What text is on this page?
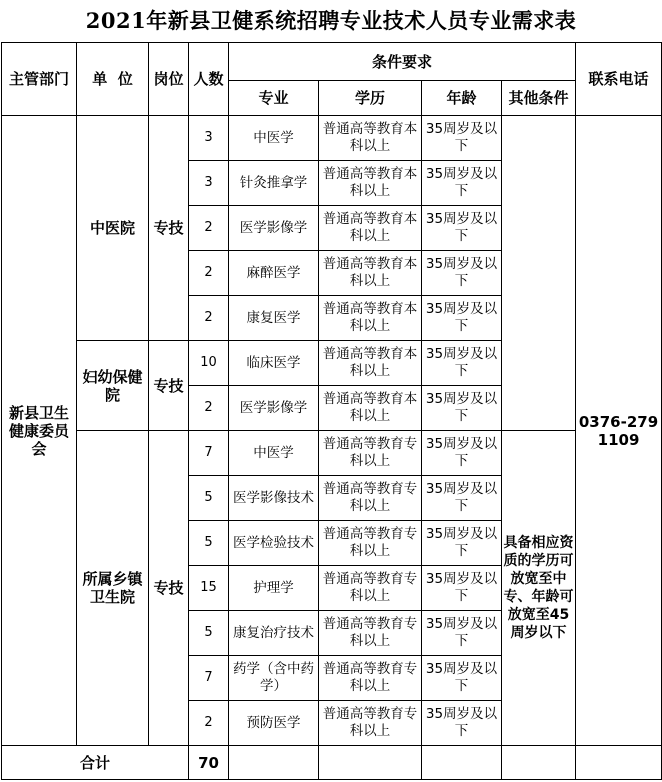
2021年新县卫健系统招聘专业技术人员专业需求表
主管部门	单  位	岗位	人数	条件要求				联系电话
				专业	学历	年龄	其他条件	
新县卫生健康委员会	中医院	专技	3	中医学	普通高等教育本科以上	35周岁及以下		0376-2791109
			3	针灸推拿学	普通高等教育本科以上	35周岁及以下		
			2	医学影像学	普通高等教育本科以上	35周岁及以下		
			2	麻醉医学	普通高等教育本科以上	35周岁及以下		
			2	康复医学	普通高等教育本科以上	35周岁及以下		
	妇幼保健院	专技	10	临床医学	普通高等教育本科以上	35周岁及以下		
			2	医学影像学	普通高等教育本科以上	35周岁及以下		
	所属乡镇卫生院	专技	7	中医学	普通高等教育专科以上	35周岁及以下	具备相应资质的学历可放宽至中专、年龄可放宽至45周岁以下	
			5	医学影像技术	普通高等教育专科以上	35周岁及以下		
			5	医学检验技术	普通高等教育专科以上	35周岁及以下		
			15	护理学	普通高等教育专科以上	35周岁及以下		
			5	康复治疗技术	普通高等教育专科以上	35周岁及以下		
			7	药学（含中药学）	普通高等教育专科以上	35周岁及以下		
			2	预防医学	普通高等教育专科以上	35周岁及以下		
合计			70					
